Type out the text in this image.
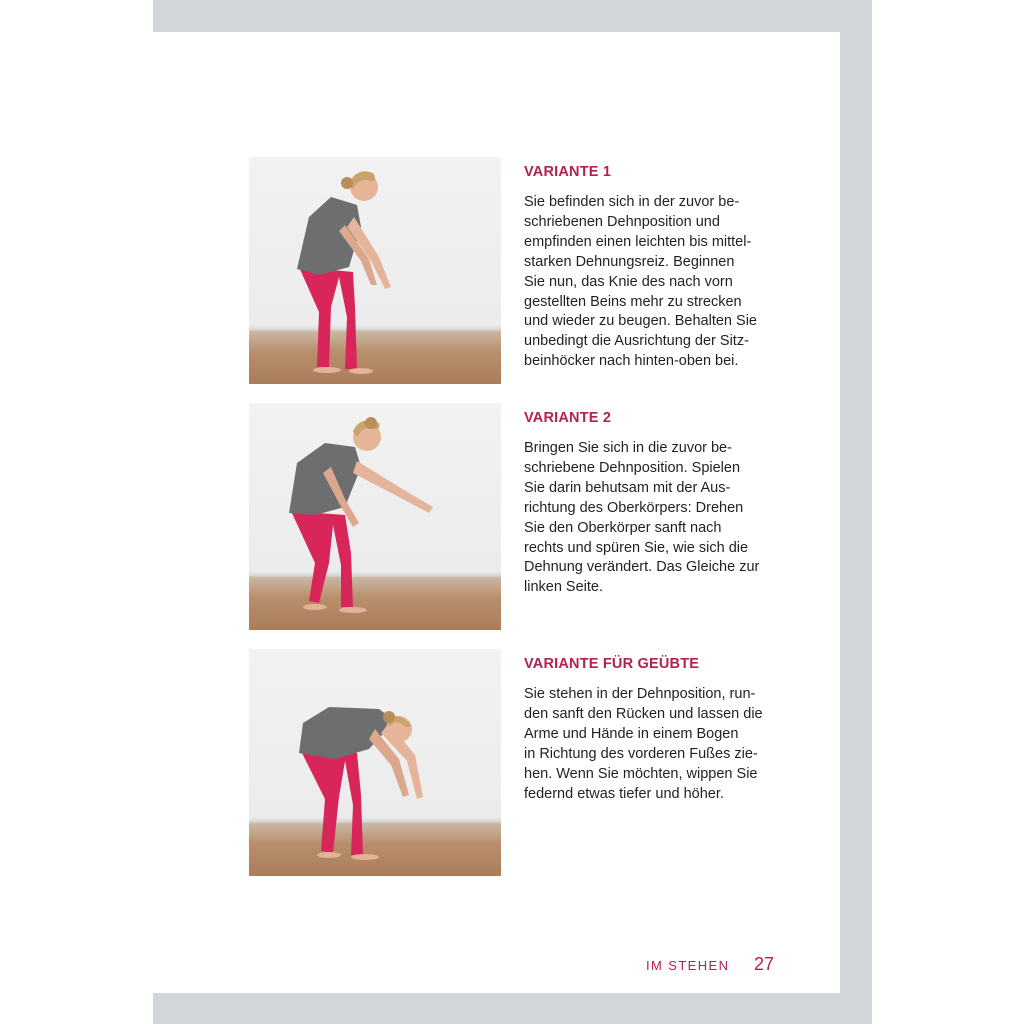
VARIANTE 1

Sie befinden sich in der zuvor be-

schriebenen Dehnposition und

empfinden einen leichten bis mittel-

starken Dehnungsreiz. Beginnen

Sie nun, das Knie des nach vorn

gestellten Beins mehr zu strecken

und wieder zu beugen. Behalten Sie

unbedingt die Ausrichtung der Sitz-

beinhöcker nach hinten-oben bei.

VARIANTE 2

Bringen Sie sich in die zuvor be-

schriebene Dehnposition. Spielen

Sie darin behutsam mit der Aus-

richtung des Oberkörpers: Drehen

Sie den Oberkörper sanft nach

rechts und spüren Sie, wie sich die

Dehnung verändert. Das Gleiche zur

linken Seite.

VARIANTE FÜR GEÜBTE

Sie stehen in der Dehnposition, run-

den sanft den Rücken und lassen die

Arme und Hände in einem Bogen

in Richtung des vorderen Fußes zie-

hen. Wenn Sie möchten, wippen Sie

federnd etwas tiefer und höher.

IM STEHEN 27
